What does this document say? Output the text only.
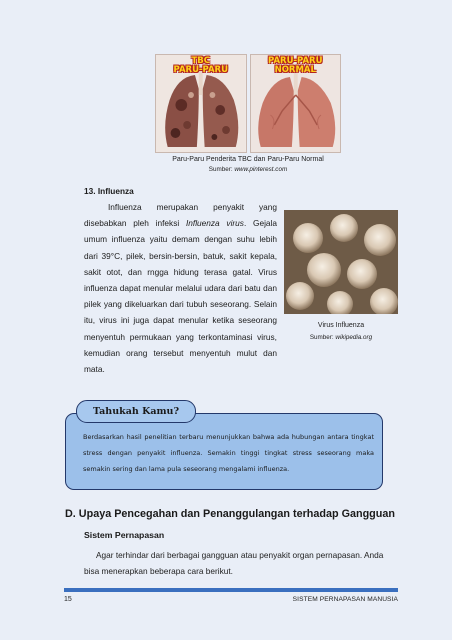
TBC
PARU-PARU
PARU-PARU
NORMAL
Paru-Paru Penderita TBC dan Paru-Paru Normal
Sumber: www.pinterest.com
13. Influenza
Influenza merupakan penyakit yang disebabkan pleh infeksi Influenza virus. Gejala umum influenza yaitu demam dengan suhu lebih dari 39°C, pilek, bersin-bersin, batuk, sakit kepala, sakit otot, dan rngga hidung terasa gatal. Virus influenza dapat menular melalui udara dari batu dan pilek yang dikeluarkan dari tubuh seseorang. Selain itu, virus ini juga dapat menular ketika seseorang menyentuh permukaan yang terkontaminasi virus, kemudian orang tersebut menyentuh mulut dan mata.
Virus Influenza
Sumber: wikipedia.org
Berdasarkan hasil penelitian terbaru menunjukkan bahwa ada hubungan antara tingkat stress dengan penyakit influenza. Semakin tinggi tingkat stress seseorang maka semakin sering dan lama pula seseorang mengalami influenza.
Tahukah Kamu?
D. Upaya Pencegahan dan Penanggulangan terhadap Gangguan
Sistem Pernapasan
Agar terhindar dari berbagai gangguan atau penyakit organ pernapasan. Anda bisa menerapkan beberapa cara berikut.
15	SISTEM PERNAPASAN MANUSIA
